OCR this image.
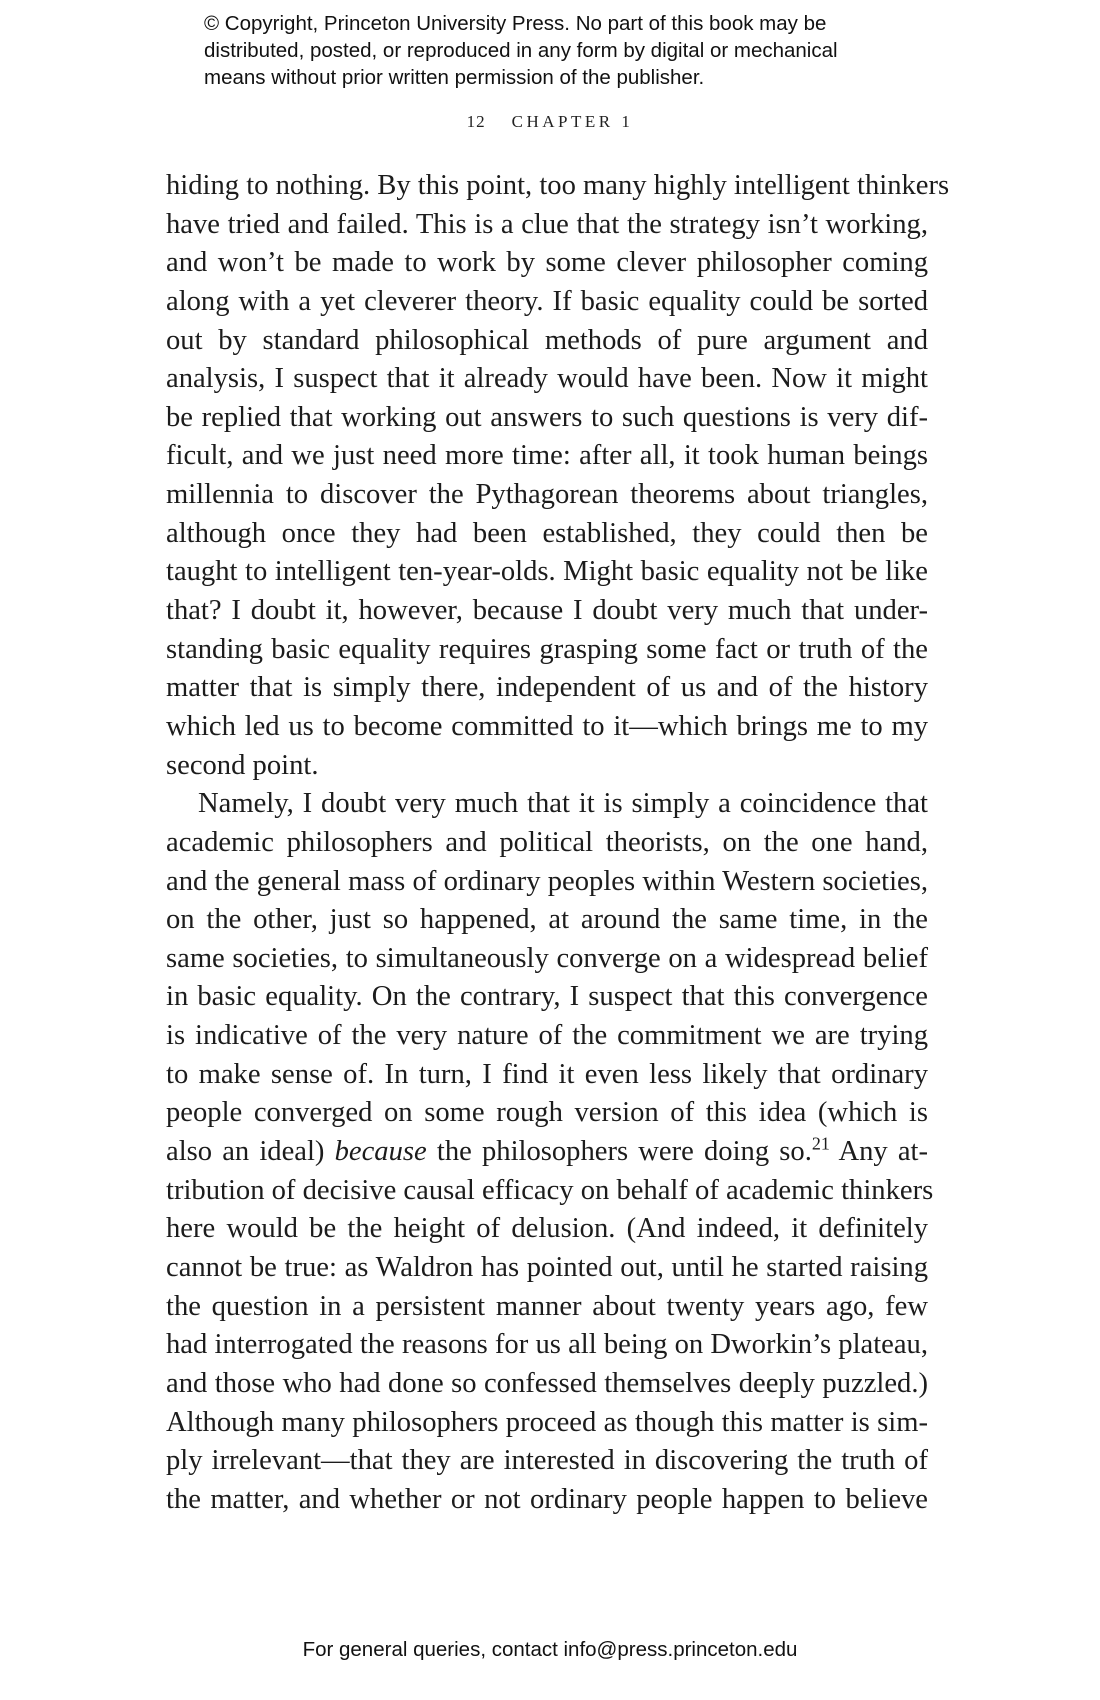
© Copyright, Princeton University Press. No part of this book may be
distributed, posted, or reproduced in any form by digital or mechanical
means without prior written permission of the publisher.
12 CHAPTER 1
hiding to nothing. By this point, too many highly intelligent thinkers
have tried and failed. This is a clue that the strategy isn’t working,
and won’t be made to work by some clever philosopher coming
along with a yet cleverer theory. If basic equality could be sorted
out by standard philosophical methods of pure argument and
analysis, I suspect that it already would have been. Now it might
be replied that working out answers to such questions is very dif-
ficult, and we just need more time: after all, it took human beings
millennia to discover the Pythagorean theorems about triangles,
although once they had been established, they could then be
taught to intelligent ten-year-olds. Might basic equality not be like
that? I doubt it, however, because I doubt very much that under-
standing basic equality requires grasping some fact or truth of the
matter that is simply there, independent of us and of the history
which led us to become committed to it—which brings me to my
second point.
Namely, I doubt very much that it is simply a coincidence that
academic philosophers and political theorists, on the one hand,
and the general mass of ordinary peoples within Western societies,
on the other, just so happened, at around the same time, in the
same societies, to simultaneously converge on a widespread belief
in basic equality. On the contrary, I suspect that this convergence
is indicative of the very nature of the commitment we are trying
to make sense of. In turn, I find it even less likely that ordinary
people converged on some rough version of this idea (which is
also an ideal) because the philosophers were doing so.$^{21}$ Any at-
tribution of decisive causal efficacy on behalf of academic thinkers
here would be the height of delusion. (And indeed, it definitely
cannot be true: as Waldron has pointed out, until he started raising
the question in a persistent manner about twenty years ago, few
had interrogated the reasons for us all being on Dworkin’s plateau,
and those who had done so confessed themselves deeply puzzled.)
Although many philosophers proceed as though this matter is sim-
ply irrelevant—that they are interested in discovering the truth of
the matter, and whether or not ordinary people happen to believe
For general queries, contact info@press.princeton.edu
